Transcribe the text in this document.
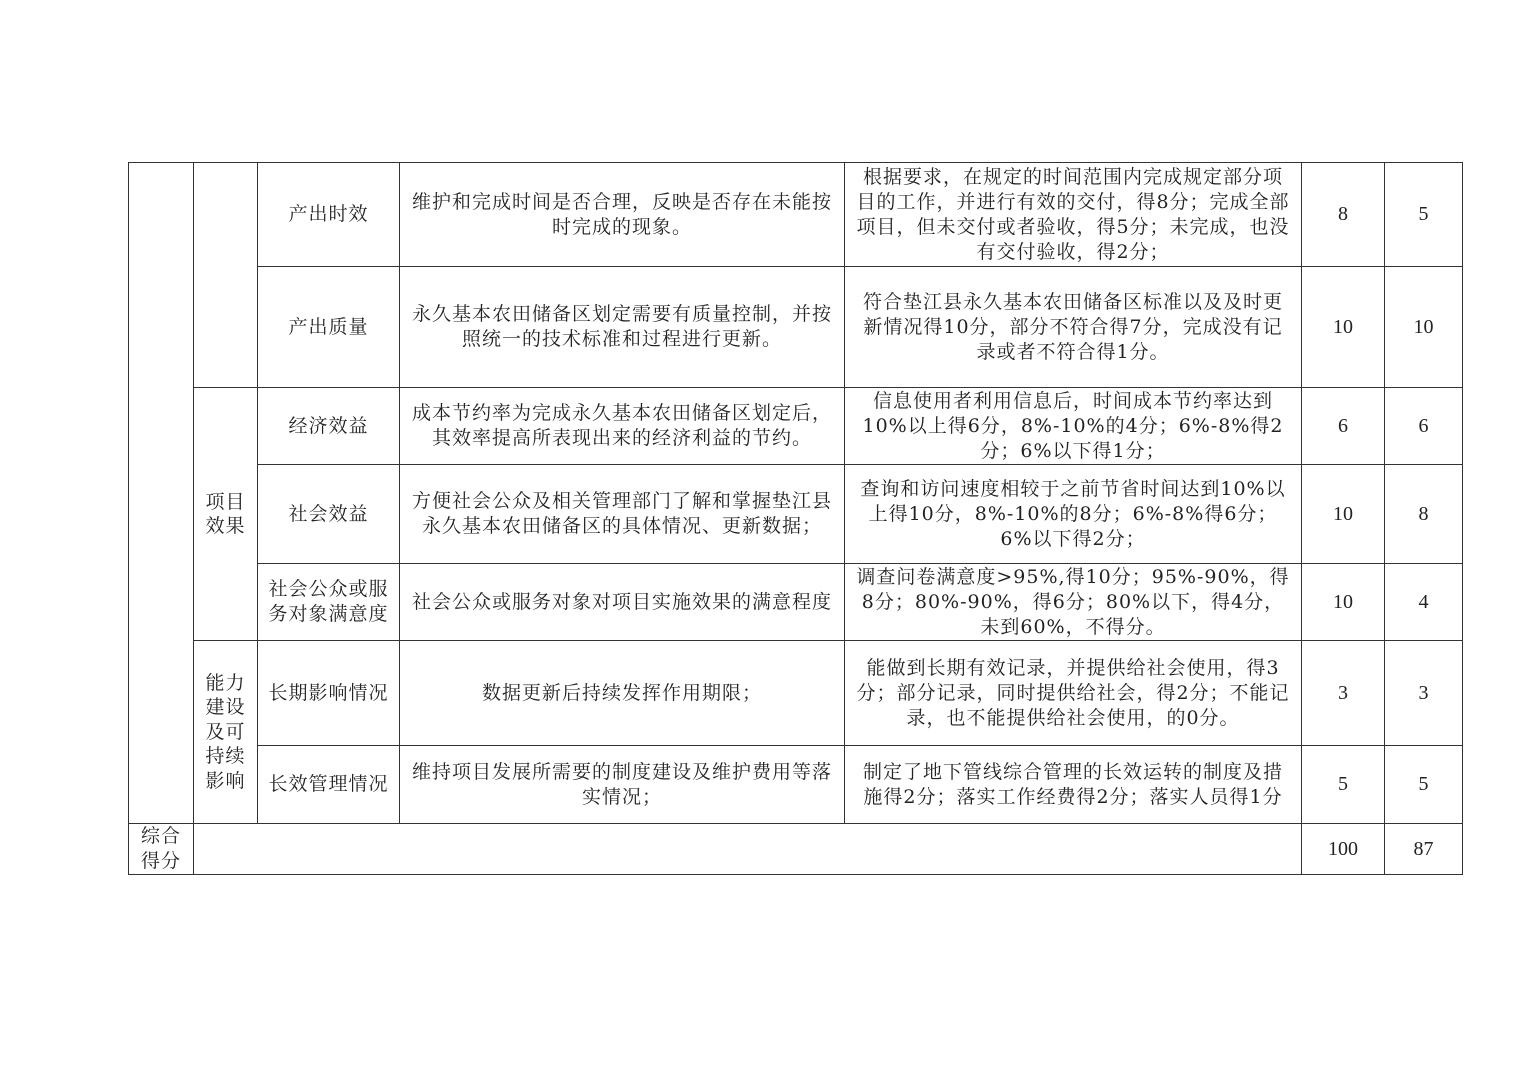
		产出时效	维护和完成时间是否合理，反映是否存在未能按时完成的现象。	根据要求，在规定的时间范围内完成规定部分项目的工作，并进行有效的交付，得8分；完成全部项目，但未交付或者验收，得5分；未完成，也没有交付验收，得2分；	8	5
		产出质量	永久基本农田储备区划定需要有质量控制，并按照统一的技术标准和过程进行更新。	符合垫江县永久基本农田储备区标准以及及时更新情况得10分，部分不符合得7分，完成没有记录或者不符合得1分。	10	10
	项目效果	经济效益	成本节约率为完成永久基本农田储备区划定后，其效率提高所表现出来的经济利益的节约。	信息使用者利用信息后，时间成本节约率达到10%以上得6分，8%-10%的4分；6%-8%得2分；6%以下得1分；	6	6
		社会效益	方便社会公众及相关管理部门了解和掌握垫江县永久基本农田储备区的具体情况、更新数据；	查询和访问速度相较于之前节省时间达到10%以上得10分，8%-10%的8分；6%-8%得6分；6%以下得2分；	10	8
		社会公众或服务对象满意度	社会公众或服务对象对项目实施效果的满意程度	调查问卷满意度>95%,得10分；95%-90%，得8分；80%-90%，得6分；80%以下，得4分，未到60%，不得分。	10	4
	能力建设及可持续影响	长期影响情况	数据更新后持续发挥作用期限；	能做到长期有效记录，并提供给社会使用，得3分；部分记录，同时提供给社会，得2分；不能记录，也不能提供给社会使用，的0分。	3	3
		长效管理情况	维持项目发展所需要的制度建设及维护费用等落实情况；	制定了地下管线综合管理的长效运转的制度及措施得2分；落实工作经费得2分；落实人员得1分	5	5
综合得分					100	87
